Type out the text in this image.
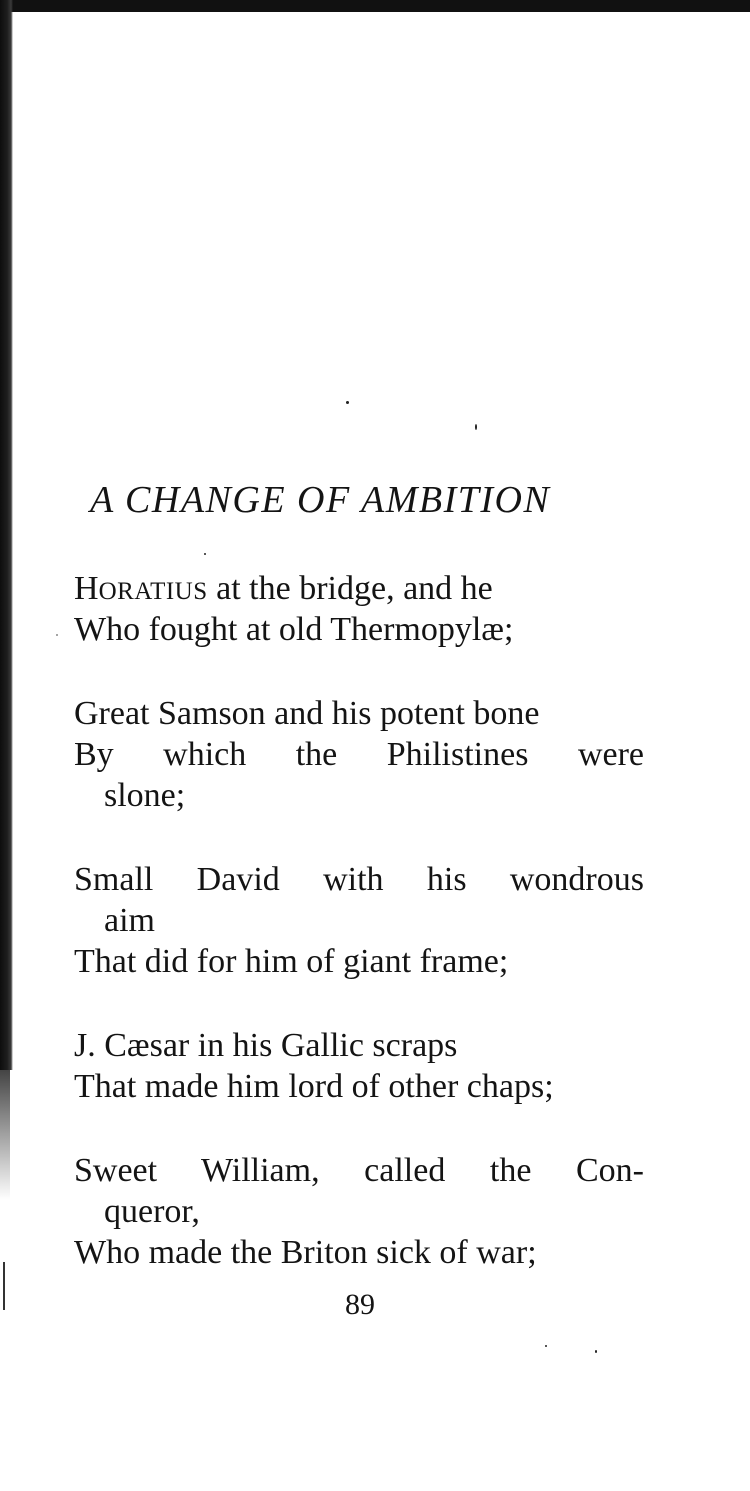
A CHANGE OF AMBITION
HORATIUS at the bridge, and he
Who fought at old Thermopylæ;
Great Samson and his potent bone
By which the Philistines were
slone;
Small David with his wondrous
aim
That did for him of giant frame;
J. Cæsar in his Gallic scraps
That made him lord of other chaps;
Sweet William, called the Con-
queror,
Who made the Briton sick of war;
89
